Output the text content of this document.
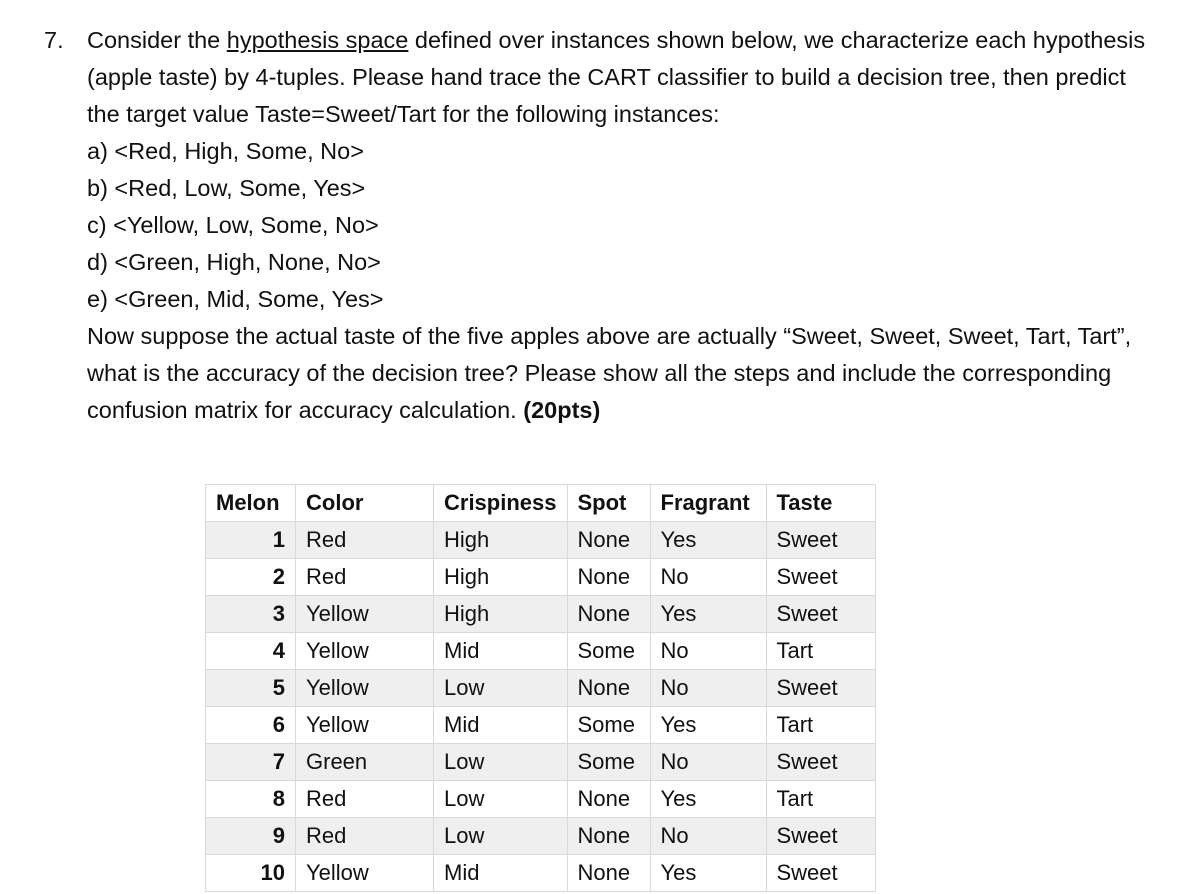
7. Consider the hypothesis space defined over instances shown below, we characterize each hypothesis (apple taste) by 4-tuples. Please hand trace the CART classifier to build a decision tree, then predict the target value Taste=Sweet/Tart for the following instances:

a) <Red, High, Some, No>
b) <Red, Low, Some, Yes>
c) <Yellow, Low, Some, No>
d) <Green, High, None, No>
e) <Green, Mid, Some, Yes>

Now suppose the actual taste of the five apples above are actually “Sweet, Sweet, Sweet, Tart, Tart”, what is the accuracy of the decision tree? Please show all the steps and include the corresponding confusion matrix for accuracy calculation. (20pts)

Melon	Color	Crispiness	Spot	Fragrant	Taste
1	Red	High	None	Yes	Sweet
2	Red	High	None	No	Sweet
3	Yellow	High	None	Yes	Sweet
4	Yellow	Mid	Some	No	Tart
5	Yellow	Low	None	No	Sweet
6	Yellow	Mid	Some	Yes	Tart
7	Green	Low	Some	No	Sweet
8	Red	Low	None	Yes	Tart
9	Red	Low	None	No	Sweet
10	Yellow	Mid	None	Yes	Sweet
